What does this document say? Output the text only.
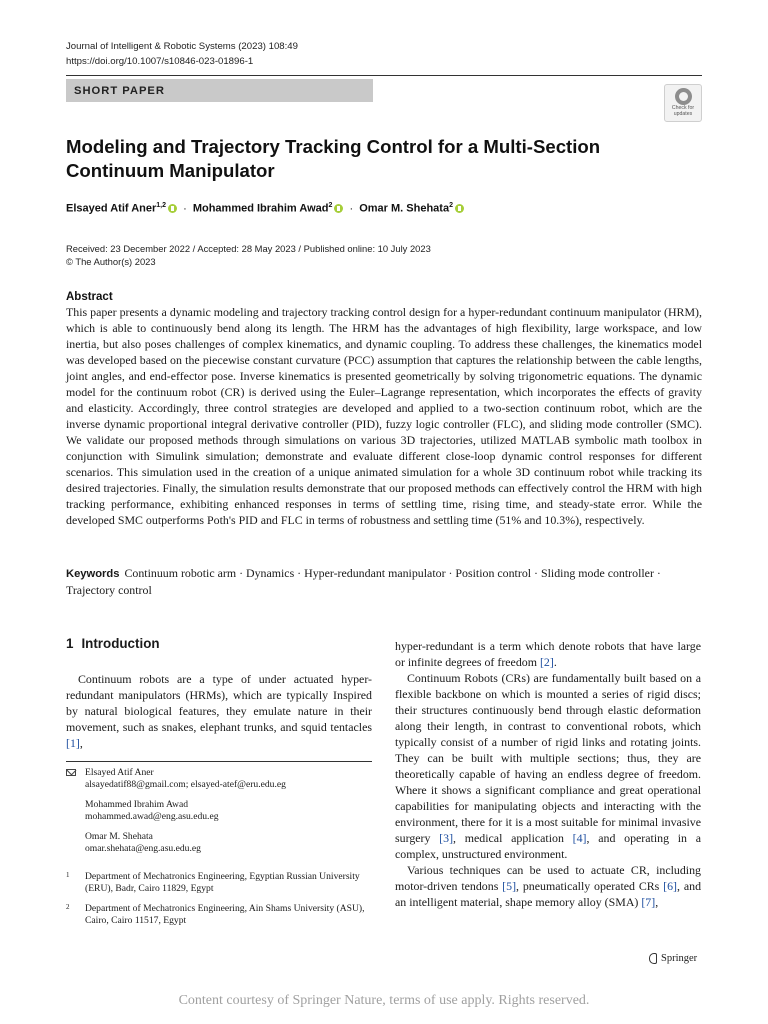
Journal of Intelligent & Robotic Systems (2023) 108:49
https://doi.org/10.1007/s10846-023-01896-1
SHORT PAPER
Check for
updates
Modeling and Trajectory Tracking Control for a Multi-Section Continuum Manipulator
Elsayed Atif Aner$^{1,2}$ · Mohammed Ibrahim Awad$^2$ · Omar M. Shehata$^2$
Received: 23 December 2022 / Accepted: 28 May 2023 / Published online: 10 July 2023
© The Author(s) 2023
Abstract

This paper presents a dynamic modeling and trajectory tracking control design for a hyper-redundant continuum manipulator (HRM), which is able to continuously bend along its length. The HRM has the advantages of high flexibility, large workspace, and low inertia, but also poses challenges of complex kinematics, and dynamic coupling. To address these challenges, the kinematics model was developed based on the piecewise constant curvature (PCC) assumption that captures the relationship between the cable lengths, joint angles, and end-effector pose. Inverse kinematics is presented geometrically by solving trigonometric equations. The dynamic model for the continuum robot (CR) is derived using the Euler–Lagrange representation, which incorporates the effects of gravity and elasticity. Accordingly, three control strategies are developed and applied to a two-section continuum robot, which are the inverse dynamic proportional integral derivative controller (PID), fuzzy logic controller (FLC), and sliding mode controller (SMC). We validate our proposed methods through simulations on various 3D trajectories, utilized MATLAB symbolic math toolbox in conjunction with Simulink simulation; demonstrate and evaluate different close-loop dynamic control responses for different scenarios. This simulation used in the creation of a unique animated simulation for a whole 3D continuum robot while tracking its desired trajectories. Finally, the simulation results demonstrate that our proposed methods can effectively control the HRM with high tracking performance, exhibiting enhanced responses in terms of settling time, rising time, and steady-state error. While the developed SMC outperforms Poth's PID and FLC in terms of robustness and settling time (51% and 10.3%), respectively.

Keywords Continuum robotic arm · Dynamics · Hyper-redundant manipulator · Position control · Sliding mode controller · Trajectory control
1 Introduction

Continuum robots are a type of under actuated hyper-redundant manipulators (HRMs), which are typically Inspired by natural biological features, they emulate nature in their movement, such as snakes, elephant trunks, and squid tentacles [1],

Elsayed Atif Aner
alsayedatif88@gmail.com; elsayed-atef@eru.edu.eg
Mohammed Ibrahim Awad
mohammed.awad@eng.asu.edu.eg
Omar M. Shehata
omar.shehata@eng.asu.edu.eg
1	Department of Mechatronics Engineering, Egyptian Russian University (ERU), Badr, Cairo 11829, Egypt
2	Department of Mechatronics Engineering, Ain Shams University (ASU), Cairo, Cairo 11517, Egypt

hyper-redundant is a term which denote robots that have large or infinite degrees of freedom [2].

Continuum Robots (CRs) are fundamentally built based on a flexible backbone on which is mounted a series of rigid discs; their structures continuously bend through elastic deformation along their length, in contrast to conventional robots, which typically consist of a number of rigid links and rotating joints. They can be built with multiple sections; thus, they are theoretically capable of having an endless degree of freedom. Where it shows a significant compliance and great operational capabilities for manipulating objects and interacting with the environment, there for it is a most suitable for minimal invasive surgery [3], medical application [4], and operating in a complex, unstructured environment.

Various techniques can be used to actuate CR, including motor-driven tendons [5], pneumatically operated CRs [6], and an intelligent material, shape memory alloy (SMA) [7],

Springer
Content courtesy of Springer Nature, terms of use apply. Rights reserved.
